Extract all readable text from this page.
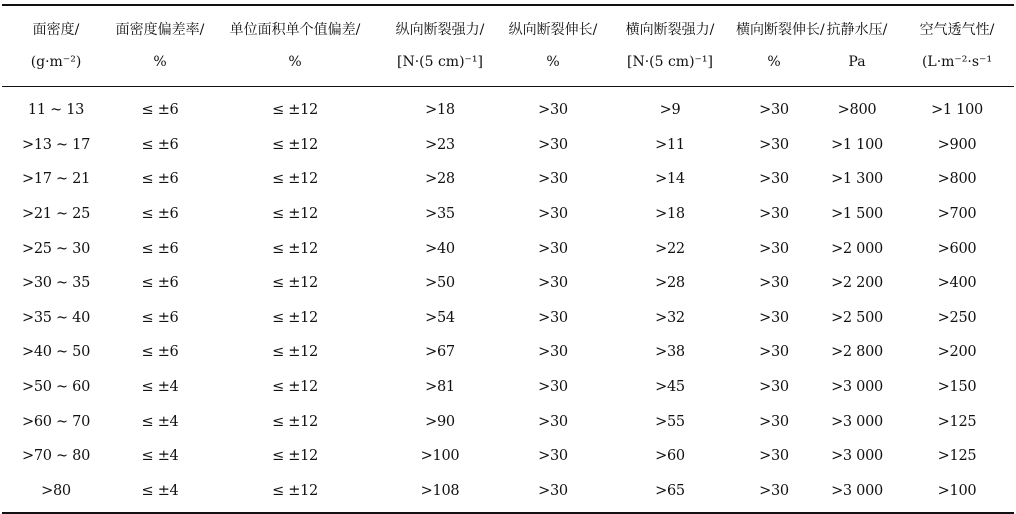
面密度/	面密度偏差率/	单位面积单个值偏差/	纵向断裂强力/	纵向断裂伸长/	横向断裂强力/	横向断裂伸长/	抗静水压/	空气透气性/
(g·m⁻²)	%	%	[N·(5 cm)⁻¹]	%	[N·(5 cm)⁻¹]	%	Pa	(L·m⁻²·s⁻¹
11 ~ 13	≤ ±6	≤ ±12	>18	>30	>9	>30	>800	>1 100
>13 ~ 17	≤ ±6	≤ ±12	>23	>30	>11	>30	>1 100	>900
>17 ~ 21	≤ ±6	≤ ±12	>28	>30	>14	>30	>1 300	>800
>21 ~ 25	≤ ±6	≤ ±12	>35	>30	>18	>30	>1 500	>700
>25 ~ 30	≤ ±6	≤ ±12	>40	>30	>22	>30	>2 000	>600
>30 ~ 35	≤ ±6	≤ ±12	>50	>30	>28	>30	>2 200	>400
>35 ~ 40	≤ ±6	≤ ±12	>54	>30	>32	>30	>2 500	>250
>40 ~ 50	≤ ±6	≤ ±12	>67	>30	>38	>30	>2 800	>200
>50 ~ 60	≤ ±4	≤ ±12	>81	>30	>45	>30	>3 000	>150
>60 ~ 70	≤ ±4	≤ ±12	>90	>30	>55	>30	>3 000	>125
>70 ~ 80	≤ ±4	≤ ±12	>100	>30	>60	>30	>3 000	>125
>80	≤ ±4	≤ ±12	>108	>30	>65	>30	>3 000	>100
